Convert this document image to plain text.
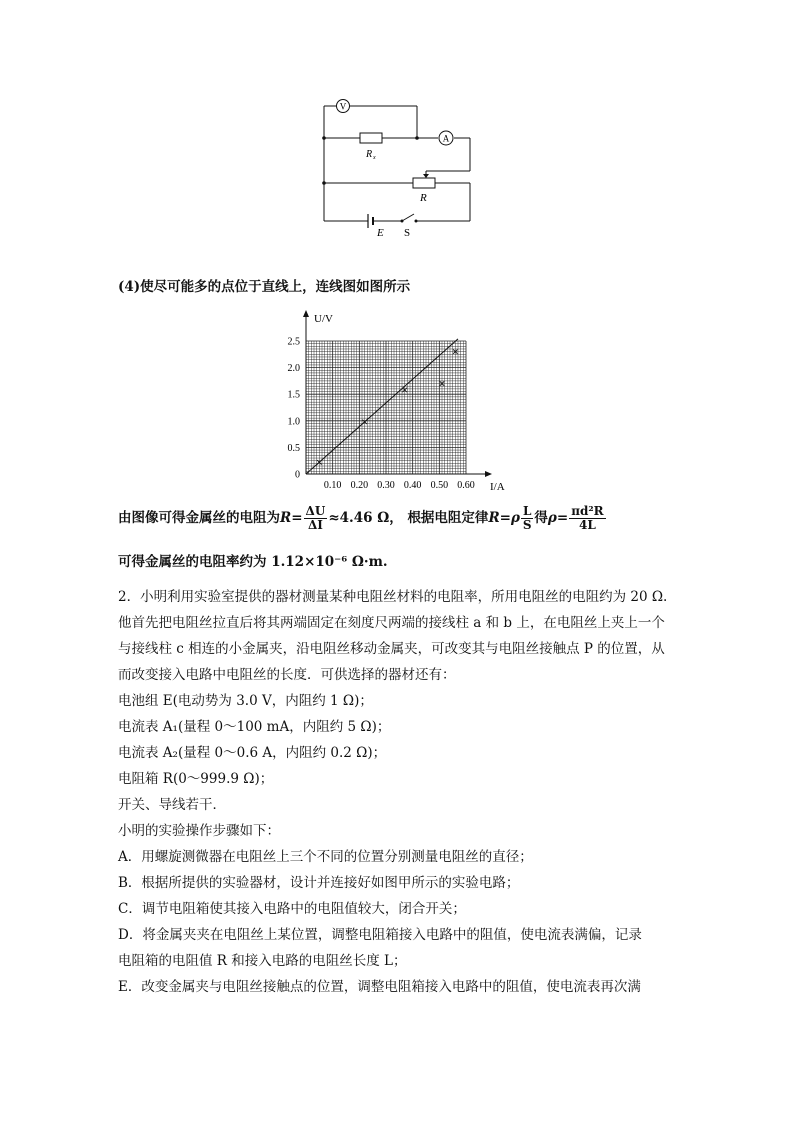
V
A
R x
R
E S
(4)使尽可能多的点位于直线上，连线图如图所示
0.10 0.20 0.30 0.40 0.50 0.60
0
0.5
1.0
1.5
2.0
2.5
U/V
I/A
由图像可得金属丝的电阻为$R= \frac{\Delta U}{\Delta I} \approx 4.46$ Ω， 根据电阻定律$R=\rho \frac{L}{S}$ 得$\rho= \frac{\text{πd²R}}{4L}$
可得金属丝的电阻率约为 1.12×10⁻⁶ Ω·m.
2．小明利用实验室提供的器材测量某种电阻丝材料的电阻率，所用电阻丝的电阻约为 20 Ω.
他首先把电阻丝拉直后将其两端固定在刻度尺两端的接线柱 a 和 b 上，在电阻丝上夹上一个
与接线柱 c 相连的小金属夹，沿电阻丝移动金属夹，可改变其与电阻丝接触点 P 的位置，从
而改变接入电路中电阻丝的长度．可供选择的器材还有：
电池组 E(电动势为 3.0 V，内阻约 1 Ω)；
电流表 A₁(量程 0～100 mA，内阻约 5 Ω)；
电流表 A₂(量程 0～0.6 A，内阻约 0.2 Ω)；
电阻箱 R(0～999.9 Ω)；
开关、导线若干．
小明的实验操作步骤如下：
A．用螺旋测微器在电阻丝上三个不同的位置分别测量电阻丝的直径；
B．根据所提供的实验器材，设计并连接好如图甲所示的实验电路；
C．调节电阻箱使其接入电路中的电阻值较大，闭合开关；
D．将金属夹夹在电阻丝上某位置，调整电阻箱接入电路中的阻值，使电流表满偏，记录
电阻箱的电阻值 R 和接入电路的电阻丝长度 L；
E．改变金属夹与电阻丝接触点的位置，调整电阻箱接入电路中的阻值，使电流表再次满
